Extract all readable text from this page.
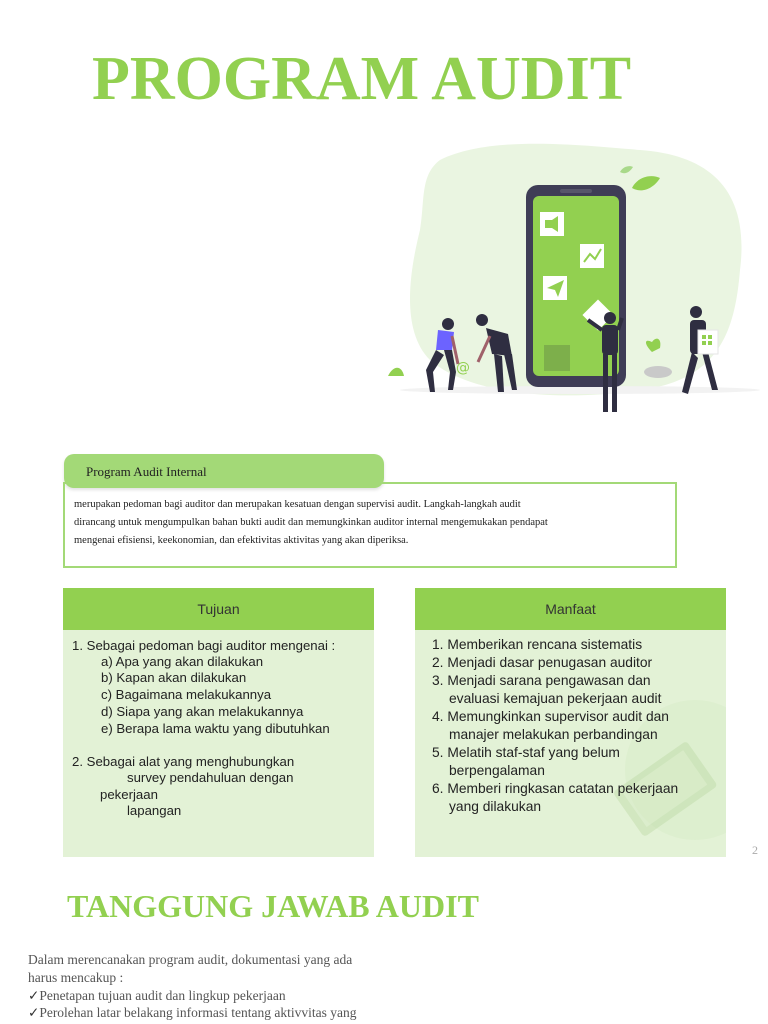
PROGRAM AUDIT
@
Program Audit Internal
merupakan pedoman bagi auditor dan merupakan kesatuan dengan supervisi audit. Langkah-langkah audit
dirancang untuk mengumpulkan bahan bukti audit dan memungkinkan auditor internal mengemukakan pendapat
mengenai efisiensi, keekonomian, dan efektivitas aktivitas yang akan diperiksa.
Tujuan
1. Sebagai pedoman bagi auditor mengenai :
a) Apa yang akan dilakukan
b) Kapan akan dilakukan
c) Bagaimana melakukannya
d) Siapa yang akan melakukannya
e) Berapa lama waktu yang dibutuhkan
2. Sebagai alat yang menghubungkan
survey pendahuluan dengan
pekerjaan
lapangan
Manfaat
1. Memberikan rencana sistematis
2. Menjadi dasar penugasan auditor
3. Menjadi sarana pengawasan dan
evaluasi kemajuan pekerjaan audit
4. Memungkinkan supervisor audit dan
manajer melakukan perbandingan
5. Melatih staf-staf yang belum
berpengalaman
6. Memberi ringkasan catatan pekerjaan
yang dilakukan
2
TANGGUNG JAWAB AUDIT
Dalam merencanakan program audit, dokumentasi yang ada
harus mencakup :
✓Penetapan tujuan audit dan lingkup pekerjaan
✓Perolehan latar belakang informasi tentang aktivvitas yang
